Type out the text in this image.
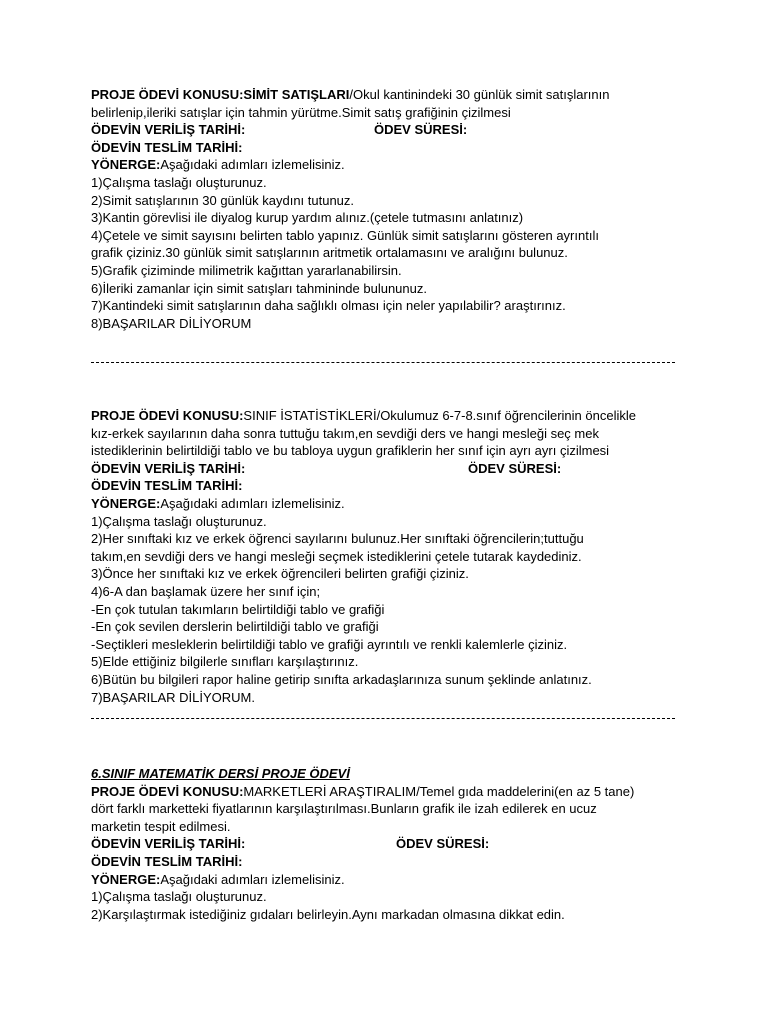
PROJE ÖDEVİ KONUSU:SİMİT SATIŞLARI/Okul kantinindeki 30 günlük simit satışlarının
belirlenip,ileriki satışlar için tahmin yürütme.Simit satış grafiğinin çizilmesi
ÖDEVİN VERİLİŞ TARİHİ:	ÖDEV SÜRESİ:
ÖDEVİN TESLİM TARİHİ:
YÖNERGE:Aşağıdaki adımları izlemelisiniz.
1)Çalışma taslağı oluşturunuz.
2)Simit satışlarının 30 günlük kaydını tutunuz.
3)Kantin görevlisi ile diyalog kurup yardım alınız.(çetele tutmasını anlatınız)
4)Çetele ve simit sayısını belirten tablo yapınız. Günlük simit satışlarını gösteren ayrıntılı
grafik çiziniz.30 günlük simit satışlarının aritmetik ortalamasını ve aralığını bulunuz.
5)Grafik çiziminde milimetrik kağıttan yararlanabilirsin.
6)İleriki zamanlar için simit satışları tahmininde bulununuz.
7)Kantindeki simit satışlarının daha sağlıklı olması için neler yapılabilir? araştırınız.
8)BAŞARILAR DİLİYORUM
PROJE ÖDEVİ KONUSU:SINIF İSTATİSTİKLERİ/Okulumuz 6-7-8.sınıf öğrencilerinin öncelikle
kız-erkek sayılarının daha sonra tuttuğu takım,en sevdiği ders ve hangi mesleği seç mek
istediklerinin belirtildiği tablo ve bu tabloya uygun grafiklerin her sınıf için ayrı ayrı çizilmesi
ÖDEVİN VERİLİŞ TARİHİ:	ÖDEV SÜRESİ:
ÖDEVİN TESLİM TARİHİ:
YÖNERGE:Aşağıdaki adımları izlemelisiniz.
1)Çalışma taslağı oluşturunuz.
2)Her sınıftaki kız ve erkek öğrenci sayılarını bulunuz.Her sınıftaki öğrencilerin;tuttuğu
takım,en sevdiği ders ve hangi mesleği seçmek istediklerini çetele tutarak kaydediniz.
3)Önce her sınıftaki kız ve erkek öğrencileri belirten grafiği çiziniz.
4)6-A dan başlamak üzere her sınıf için;
-En çok tutulan takımların belirtildiği tablo ve grafiği
-En çok sevilen derslerin belirtildiği tablo ve grafiği
-Seçtikleri mesleklerin belirtildiği tablo ve grafiği ayrıntılı ve renkli kalemlerle çiziniz.
5)Elde ettiğiniz bilgilerle sınıfları karşılaştırınız.
6)Bütün bu bilgileri rapor haline getirip sınıfta arkadaşlarınıza sunum şeklinde anlatınız.
7)BAŞARILAR DİLİYORUM.
6.SINIF MATEMATİK DERSİ PROJE ÖDEVİ
PROJE ÖDEVİ KONUSU:MARKETLERİ ARAŞTIRALIM/Temel gıda maddelerini(en az 5 tane)
dört farklı marketteki fiyatlarının karşılaştırılması.Bunların grafik ile izah edilerek en ucuz
marketin tespit edilmesi.
ÖDEVİN VERİLİŞ TARİHİ:	ÖDEV SÜRESİ:
ÖDEVİN TESLİM TARİHİ:
YÖNERGE:Aşağıdaki adımları izlemelisiniz.
1)Çalışma taslağı oluşturunuz.
2)Karşılaştırmak istediğiniz gıdaları belirleyin.Aynı markadan olmasına dikkat edin.
